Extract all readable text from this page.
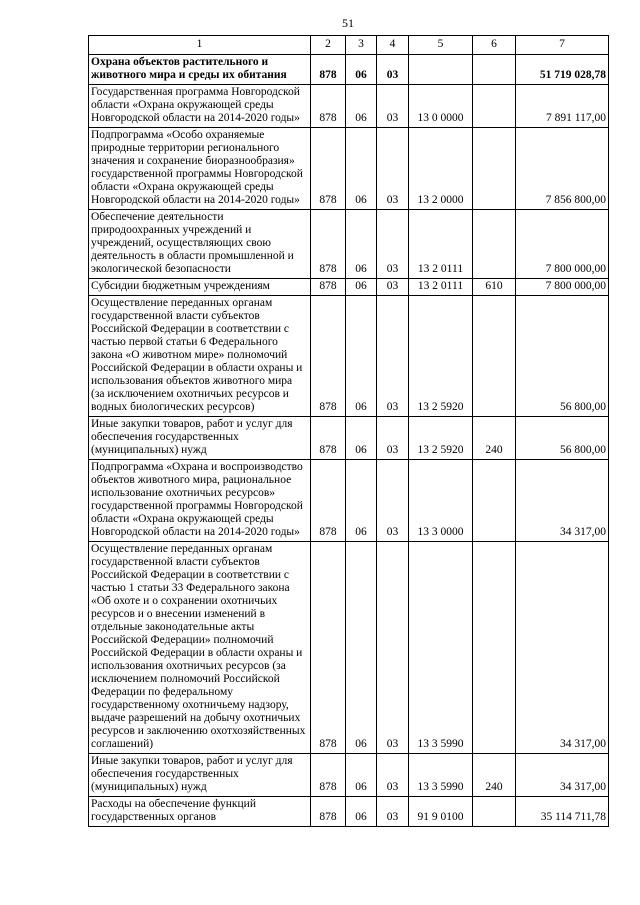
51
1	2	3	4	5	6	7
Охрана объектов растительного и животного мира и среды их обитания	878	06	03			51 719 028,78
Государственная программа Новгородской области «Охрана окружающей среды Новгородской области на 2014-2020 годы»	878	06	03	13 0 0000		7 891 117,00
Подпрограмма «Особо охраняемые природные территории регионального значения и сохранение биоразнообразия» государственной программы Новгородской области «Охрана окружающей среды Новгородской области на 2014-2020 годы»	878	06	03	13 2 0000		7 856 800,00
Обеспечение деятельности природоохранных учреждений и учреждений, осуществляющих свою деятельность в области промышленной и экологической безопасности	878	06	03	13 2 0111		7 800 000,00
Субсидии бюджетным учреждениям	878	06	03	13 2 0111	610	7 800 000,00
Осуществление переданных органам государственной власти субъектов Российской Федерации в соответствии с частью первой статьи 6 Федерального закона «О животном мире» полномочий Российской Федерации в области охраны и использования объектов животного мира (за исключением охотничьих ресурсов и водных биологических ресурсов)	878	06	03	13 2 5920		56 800,00
Иные закупки товаров, работ и услуг для обеспечения государственных (муниципальных) нужд	878	06	03	13 2 5920	240	56 800,00
Подпрограмма «Охрана и воспроизводство объектов животного мира, рациональное использование охотничьих ресурсов» государственной программы Новгородской области «Охрана окружающей среды Новгородской области на 2014-2020 годы»	878	06	03	13 3 0000		34 317,00
Осуществление переданных органам государственной власти субъектов Российской Федерации в соответствии с частью 1 статьи 33 Федерального закона «Об охоте и о сохранении охотничьих ресурсов и о внесении изменений в отдельные законодательные акты Российской Федерации» полномочий Российской Федерации в области охраны и использования охотничьих ресурсов (за исключением полномочий Российской Федерации по федеральному государственному охотничьему надзору, выдаче разрешений на добычу охотничьих ресурсов и заключению охотхозяйственных соглашений)	878	06	03	13 3 5990		34 317,00
Иные закупки товаров, работ и услуг для обеспечения государственных (муниципальных) нужд	878	06	03	13 3 5990	240	34 317,00
Расходы на обеспечение функций государственных органов	878	06	03	91 9 0100		35 114 711,78
